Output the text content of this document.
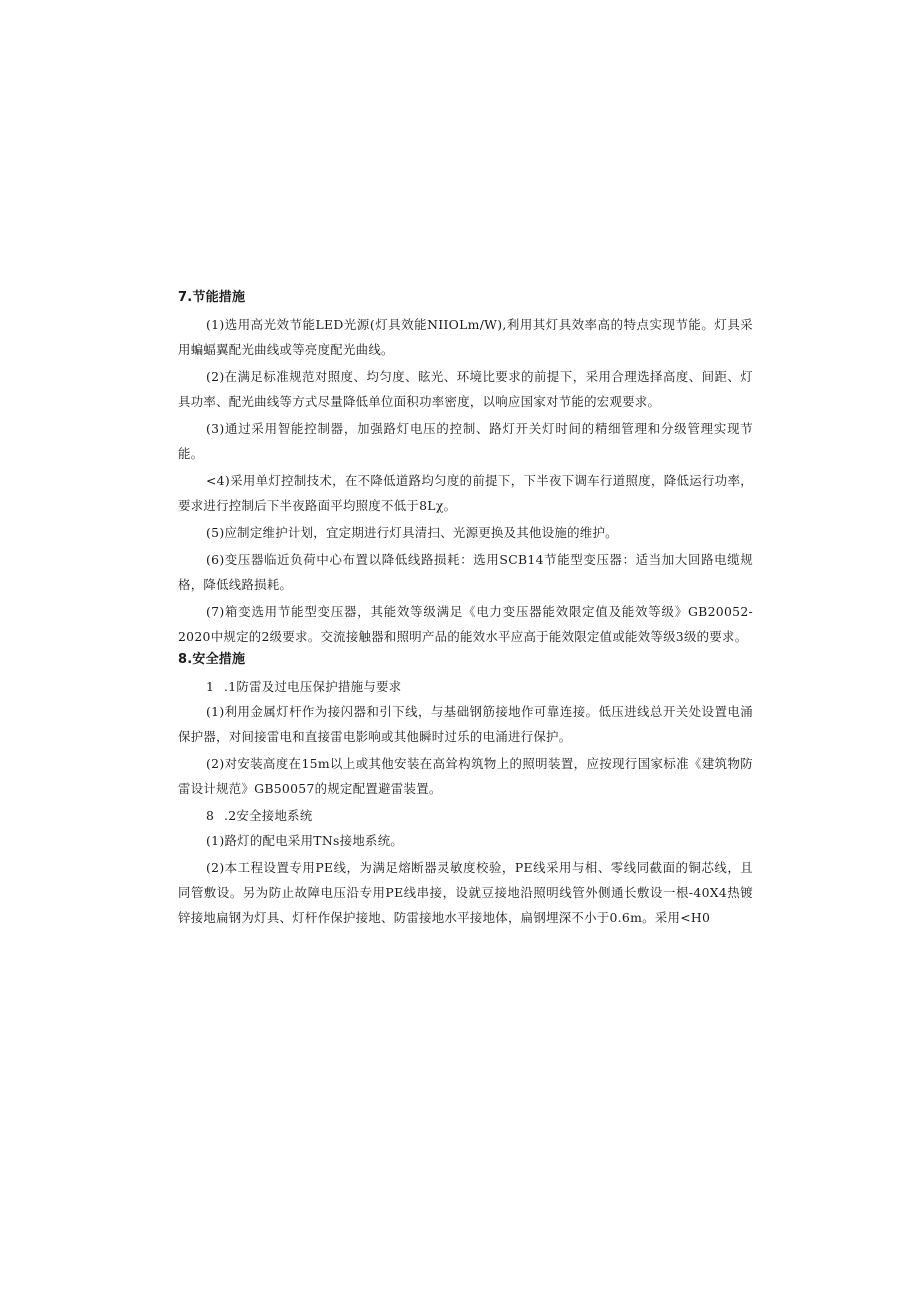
7.节能措施

(1)选用高光效节能LED光源(灯具效能NIIOLm/W),利用其灯具效率高的特点实现节能。灯具采用蝙蝠翼配光曲线或等亮度配光曲线。

(2)在满足标准规范对照度、均匀度、眩光、环境比要求的前提下，采用合理选择高度、间距、灯具功率、配光曲线等方式尽量降低单位面积功率密度，以响应国家对节能的宏观要求。

(3)通过采用智能控制器，加强路灯电压的控制、路灯开关灯时间的精细管理和分级管理实现节能。

<4)采用单灯控制技术，在不降低道路均匀度的前提下，下半夜下调车行道照度，降低运行功率，要求进行控制后下半夜路面平均照度不低于8Lχ。

(5)应制定维护计划，宜定期进行灯具清扫、光源更换及其他设施的维护。

(6)变压器临近负荷中心布置以降低线路损耗：选用SCB14节能型变压器：适当加大回路电缆规格，降低线路损耗。

(7)箱变选用节能型变压器，其能效等级满足《电力变压器能效限定值及能效等级》GB20052-2020中规定的2级要求。交流接触器和照明产品的能效水平应高于能效限定值或能效等级3级的要求。

8.安全措施

1 .1防雷及过电压保护措施与要求

(1)利用金属灯杆作为接闪器和引下线，与基础钢筋接地作可靠连接。低压进线总开关处设置电涌保护器，对间接雷电和直接雷电影响或其他瞬时过乐的电涌进行保护。

(2)对安装高度在15m以上或其他安装在高耸构筑物上的照明装置，应按现行国家标准《建筑物防雷设计规范》GB50057的规定配置避雷装置。

8 .2安全接地系统

(1)路灯的配电采用TNs接地系统。

(2)本工程设置专用PE线，为满足熔断器灵敏度校验，PE线采用与相、零线同截面的铜芯线，且同管敷设。另为防止故障电压沿专用PE线串接，设就豆接地沿照明线管外侧通长敷设一根-40X4热镀锌接地扁钢为灯具、灯杆作保护接地、防雷接地水平接地体，扁钢埋深不小于0.6m。采用<H0
